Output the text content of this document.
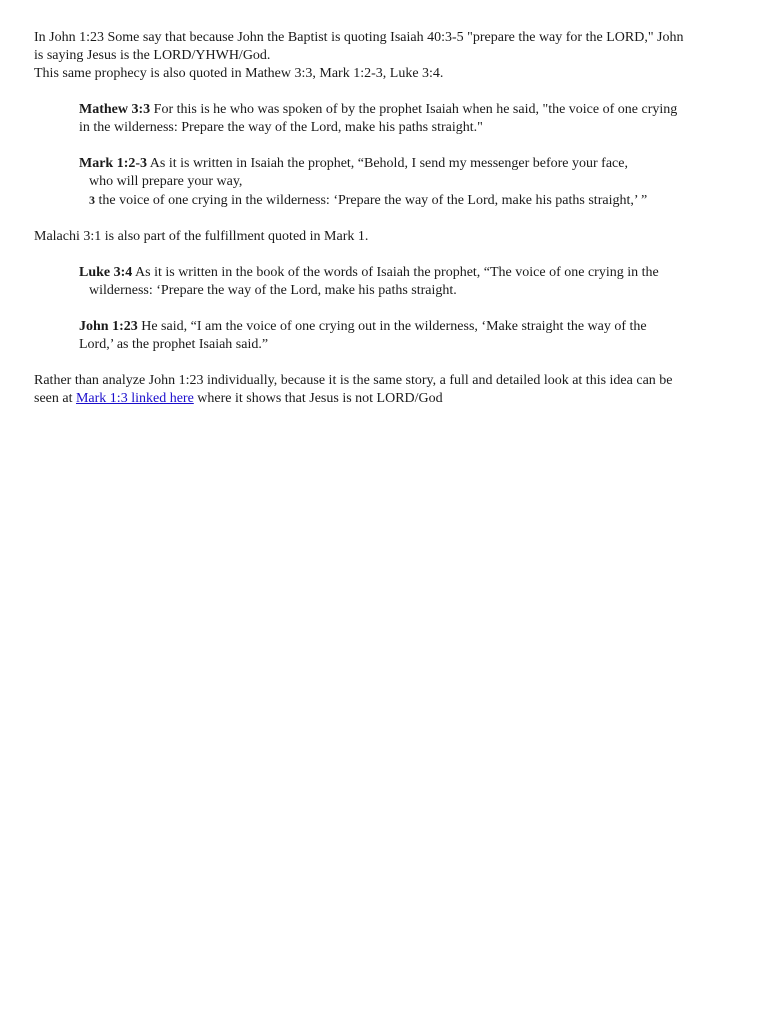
In John 1:23 Some say that because John the Baptist is quoting Isaiah 40:3-5 "prepare the way for the LORD," John

is saying Jesus is the LORD/YHWH/God.

This same prophecy is also quoted in Mathew 3:3, Mark 1:2-3, Luke 3:4.

Mathew 3:3 For this is he who was spoken of by the prophet Isaiah when he said, "the voice of one crying

in the wilderness: Prepare the way of the Lord, make his paths straight."

Mark 1:2-3 As it is written in Isaiah the prophet, “Behold, I send my messenger before your face,

who will prepare your way,

3 the voice of one crying in the wilderness: ‘Prepare the way of the Lord, make his paths straight,’ ”

Malachi 3:1 is also part of the fulfillment quoted in Mark 1.

Luke 3:4 As it is written in the book of the words of Isaiah the prophet, “The voice of one crying in the

wilderness: ‘Prepare the way of the Lord, make his paths straight.

John 1:23 He said, “I am the voice of one crying out in the wilderness, ‘Make straight the way of the

Lord,’ as the prophet Isaiah said.”

Rather than analyze John 1:23 individually, because it is the same story, a full and detailed look at this idea can be

seen at Mark 1:3 linked here where it shows that Jesus is not LORD/God
